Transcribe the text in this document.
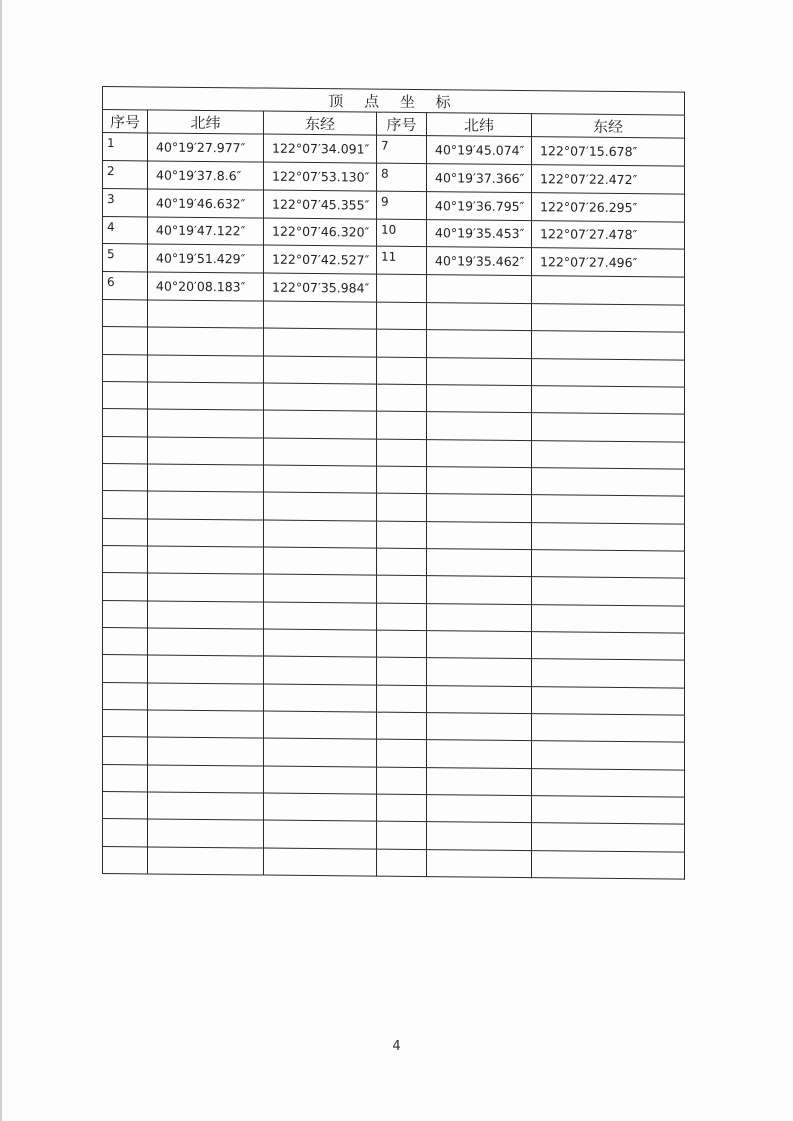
顶 点 坐 标					
序号	北纬	东经	序号	北纬	东经
1	40°19′27.977″	122°07′34.091″	7	40°19′45.074″	122°07′15.678″
2	40°19′37.8.6″	122°07′53.130″	8	40°19′37.366″	122°07′22.472″
3	40°19′46.632″	122°07′45.355″	9	40°19′36.795″	122°07′26.295″
4	40°19′47.122″	122°07′46.320″	10	40°19′35.453″	122°07′27.478″
5	40°19′51.429″	122°07′42.527″	11	40°19′35.462″	122°07′27.496″
6	40°20′08.183″	122°07′35.984″			

4
